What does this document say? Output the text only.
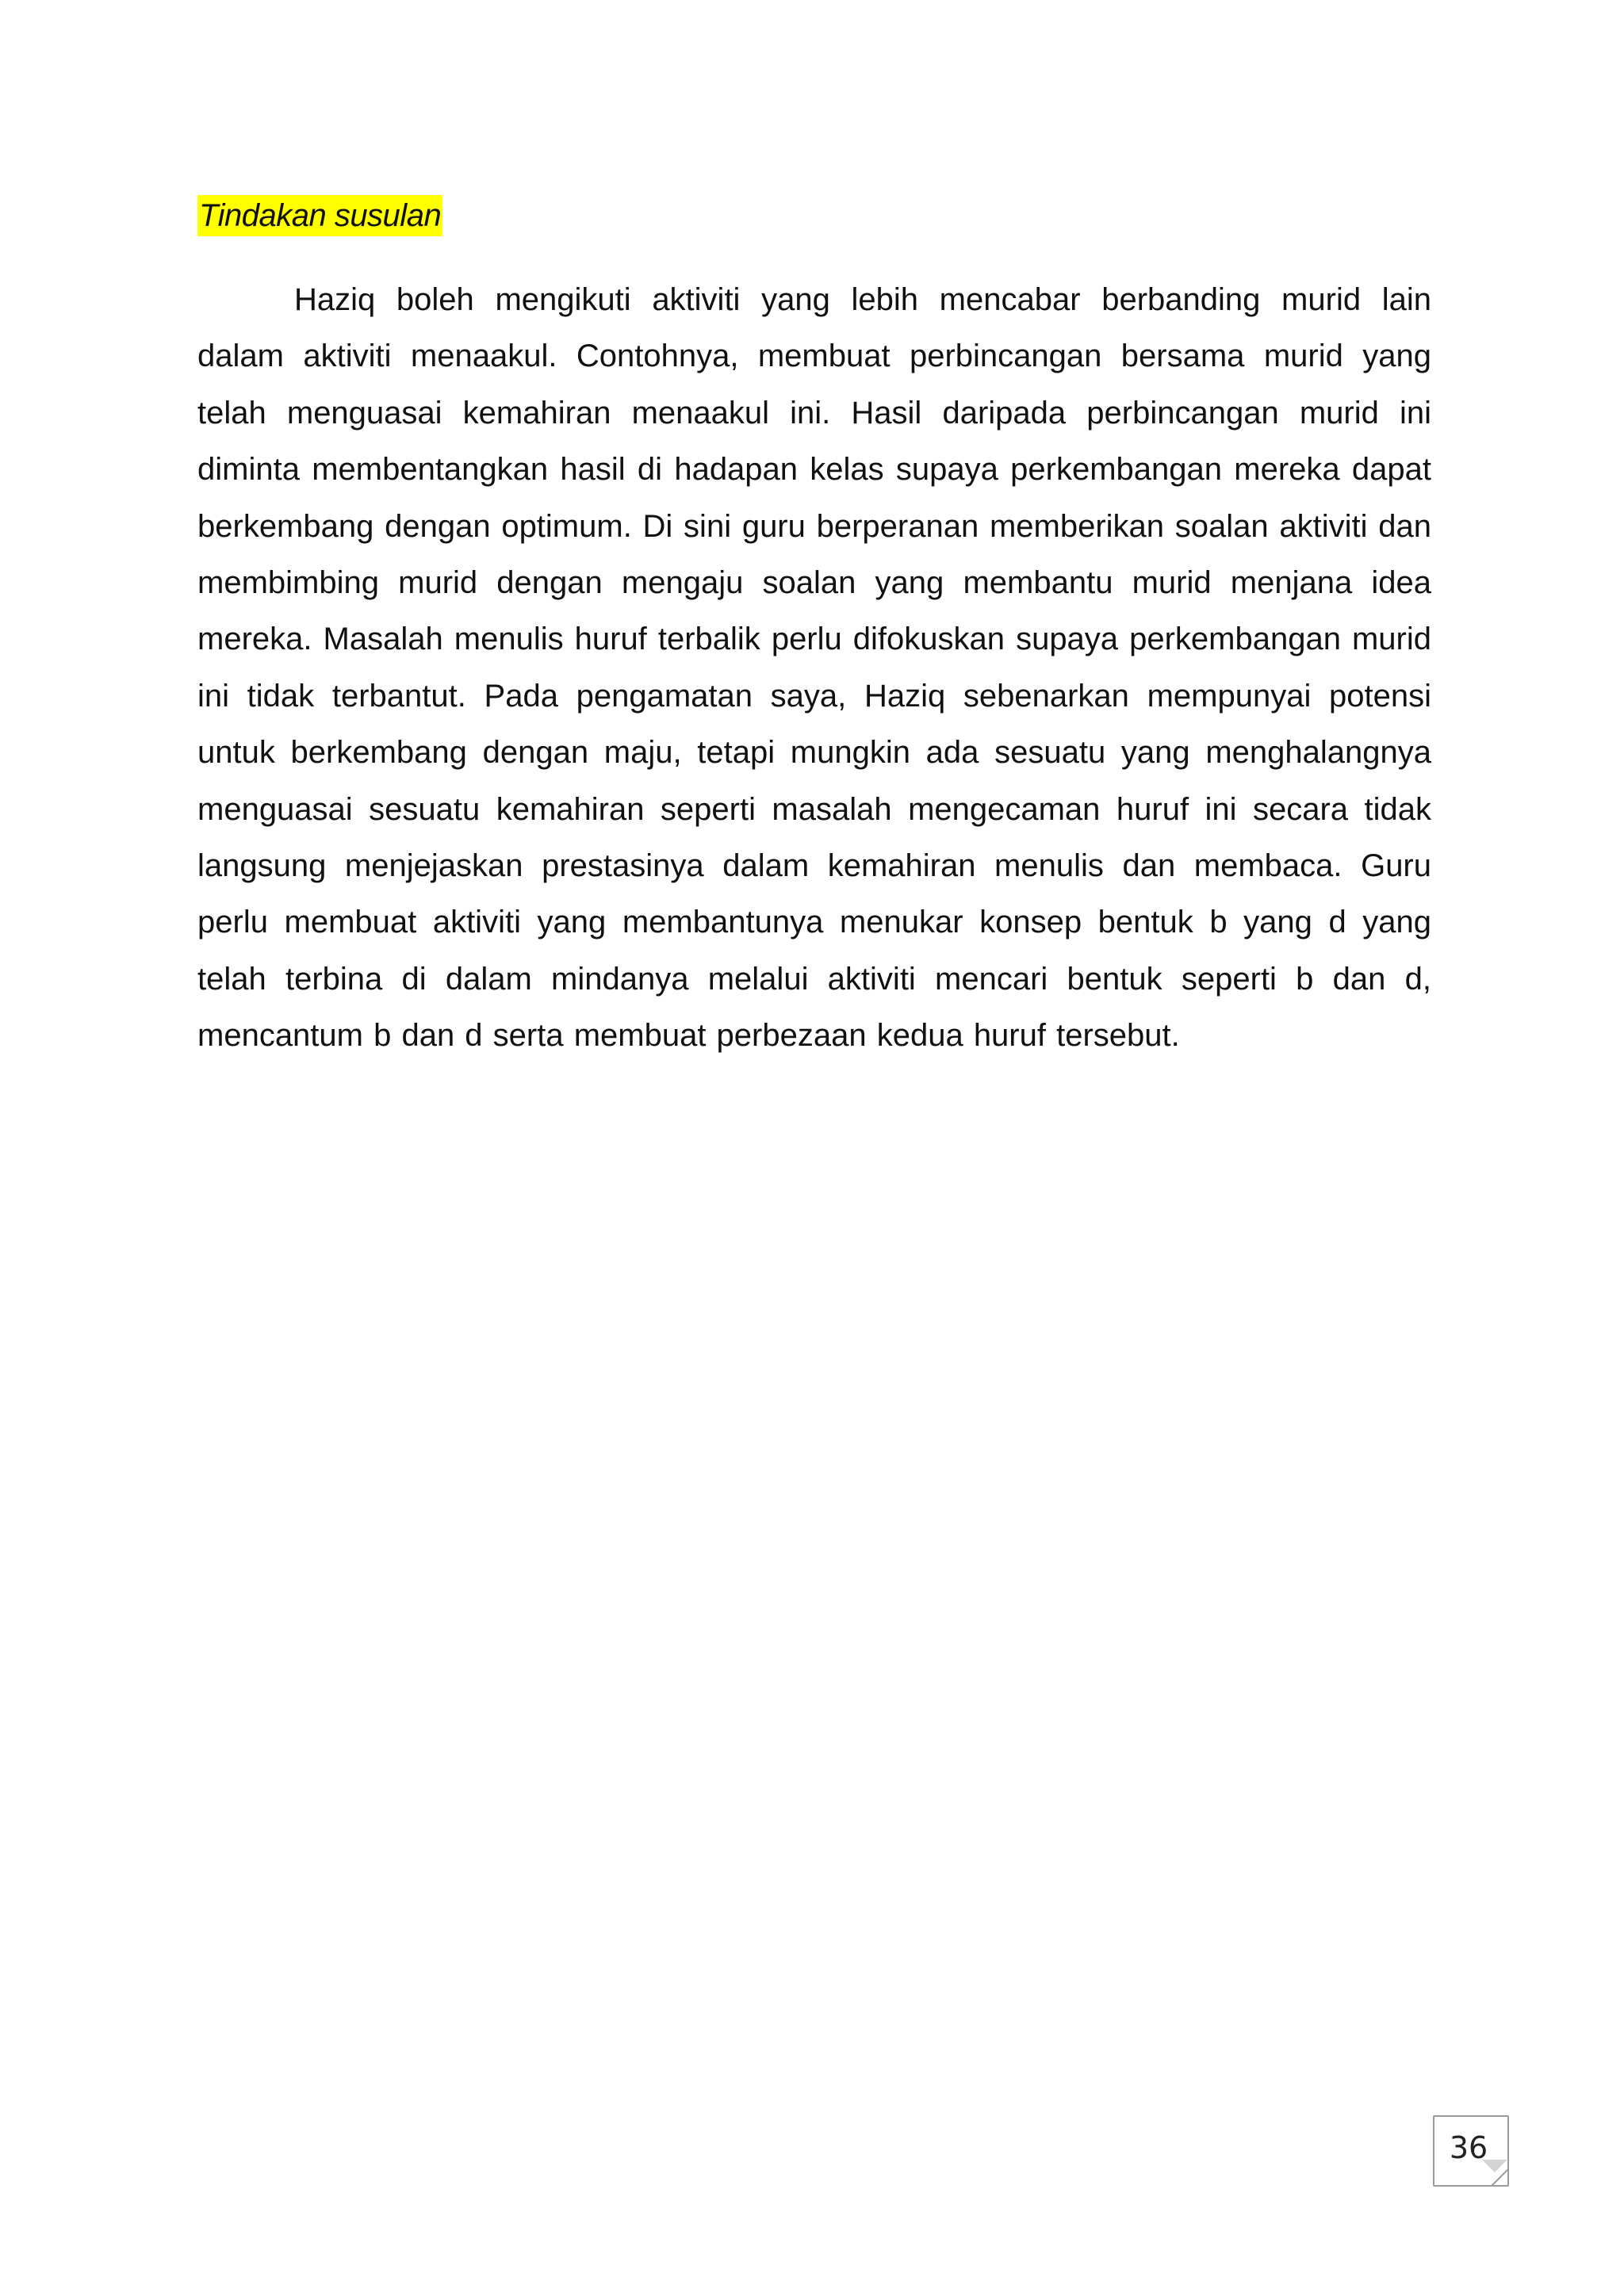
Tindakan susulan

Haziq boleh mengikuti aktiviti yang lebih mencabar berbanding murid lain dalam aktiviti menaakul. Contohnya, membuat perbincangan bersama murid yang telah menguasai kemahiran menaakul ini. Hasil daripada perbincangan murid ini diminta membentangkan hasil di hadapan kelas supaya perkembangan mereka dapat berkembang dengan optimum. Di sini guru berperanan memberikan soalan aktiviti dan membimbing murid dengan mengaju soalan yang membantu murid menjana idea mereka. Masalah menulis huruf terbalik perlu difokuskan supaya perkembangan murid ini tidak terbantut. Pada pengamatan saya, Haziq sebenarkan mempunyai potensi untuk berkembang dengan maju, tetapi mungkin ada sesuatu yang menghalangnya menguasai sesuatu kemahiran seperti masalah mengecaman huruf ini secara tidak langsung menjejaskan prestasinya dalam kemahiran menulis dan membaca. Guru perlu membuat aktiviti yang membantunya menukar konsep bentuk b yang d yang telah terbina di dalam mindanya melalui aktiviti mencari bentuk seperti b dan d, mencantum b dan d serta membuat perbezaan kedua huruf tersebut.

36
